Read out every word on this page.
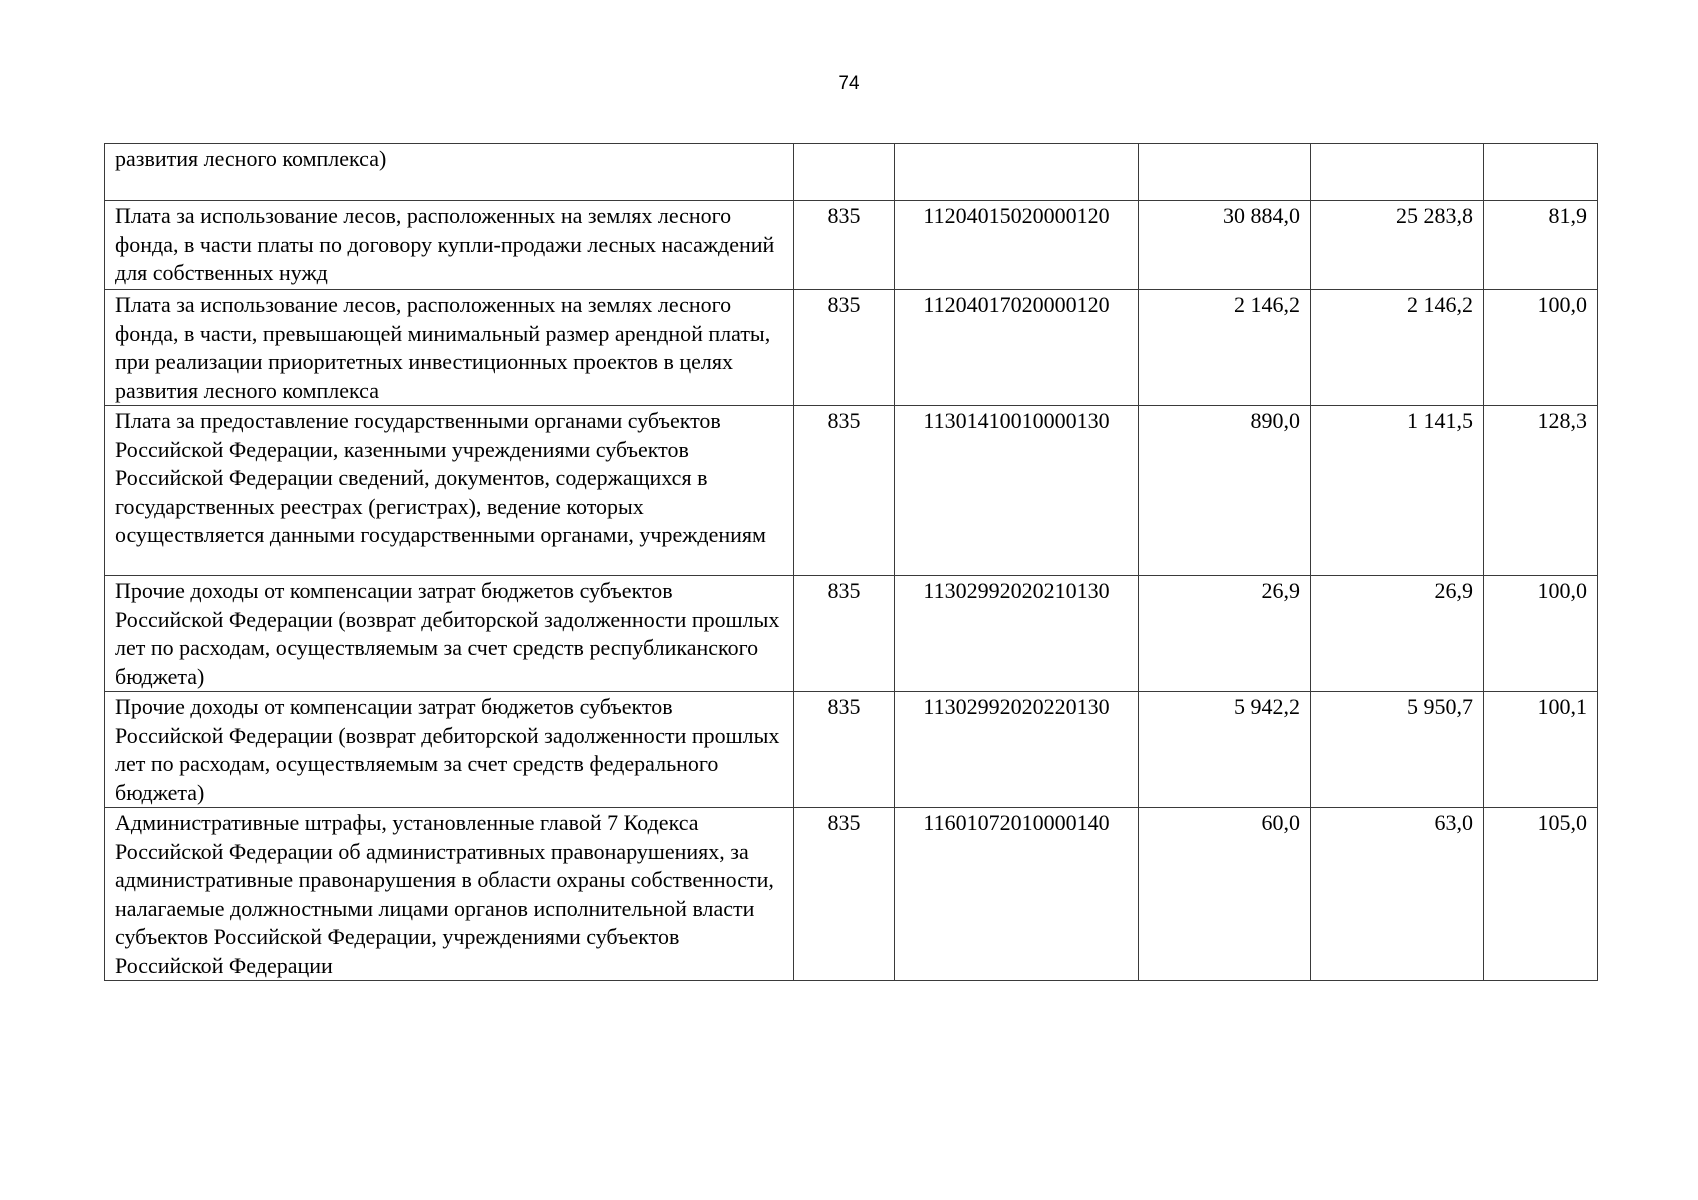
74
развития лесного комплекса)					
Плата за использование лесов, расположенных на землях лесного фонда, в части платы по договору купли-продажи лесных насаждений для собственных нужд	835	11204015020000120	30 884,0	25 283,8	81,9
Плата за использование лесов, расположенных на землях лесного фонда, в части, превышающей минимальный размер арендной платы, при реализации приоритетных инвестиционных проектов в целях развития лесного комплекса	835	11204017020000120	2 146,2	2 146,2	100,0
Плата за предоставление государственными органами субъектов Российской Федерации, казенными учреждениями субъектов Российской Федерации сведений, документов, содержащихся в государственных реестрах (регистрах), ведение которых осуществляется данными государственными органами, учреждениям	835	11301410010000130	890,0	1 141,5	128,3
Прочие доходы от компенсации затрат бюджетов субъектов Российской Федерации (возврат дебиторской задолженности прошлых лет по расходам, осуществляемым за счет средств республиканского бюджета)	835	11302992020210130	26,9	26,9	100,0
Прочие доходы от компенсации затрат бюджетов субъектов Российской Федерации (возврат дебиторской задолженности прошлых лет по расходам, осуществляемым за счет средств федерального бюджета)	835	11302992020220130	5 942,2	5 950,7	100,1
Административные штрафы, установленные главой 7 Кодекса Российской Федерации об административных правонарушениях, за административные правонарушения в области охраны собственности, налагаемые должностными лицами органов исполнительной власти субъектов Российской Федерации, учреждениями субъектов Российской Федерации	835	11601072010000140	60,0	63,0	105,0
